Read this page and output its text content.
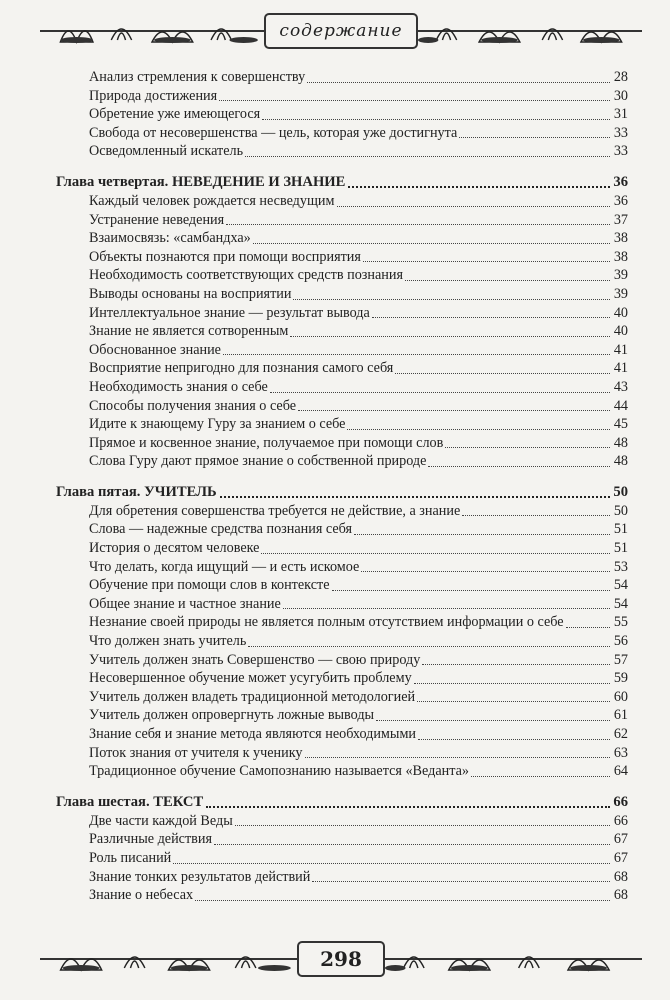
содержание
Анализ стремления к совершенству	28
Природа достижения	30
Обретение уже имеющегося	31
Свобода от несовершенства — цель, которая уже достигнута	33
Осведомленный искатель	33
Глава четвертая. НЕВЕДЕНИЕ И ЗНАНИЕ	36
Каждый человек рождается несведущим	36
Устранение неведения	37
Взаимосвязь: «самбандха»	38
Объекты познаются при помощи восприятия	38
Необходимость соответствующих средств познания	39
Выводы основаны на восприятии	39
Интеллектуальное знание — результат вывода	40
Знание не является сотворенным	40
Обоснованное знание	41
Восприятие непригодно для познания самого себя	41
Необходимость знания о себе	43
Способы получения знания о себе	44
Идите к знающему Гуру за знанием о себе	45
Прямое и косвенное знание, получаемое при помощи слов	48
Слова Гуру дают прямое знание о собственной природе	48
Глава пятая. УЧИТЕЛЬ	50
Для обретения совершенства требуется не действие, а знание	50
Слова — надежные средства познания себя	51
История о десятом человеке	51
Что делать, когда ищущий — и есть искомое	53
Обучение при помощи слов в контексте	54
Общее знание и частное знание	54
Незнание своей природы не является полным отсутствием информации о себе	55
Что должен знать учитель	56
Учитель должен знать Совершенство — свою природу	57
Несовершенное обучение может усугубить проблему	59
Учитель должен владеть традиционной методологией	60
Учитель должен опровергнуть ложные выводы	61
Знание себя и знание метода являются необходимыми	62
Поток знания от учителя к ученику	63
Традиционное обучение Самопознанию называется «Веданта»	64
Глава шестая. ТЕКСТ	66
Две части каждой Веды	66
Различные действия	67
Роль писаний	67
Знание тонких результатов действий	68
Знание о небесах	68
298
